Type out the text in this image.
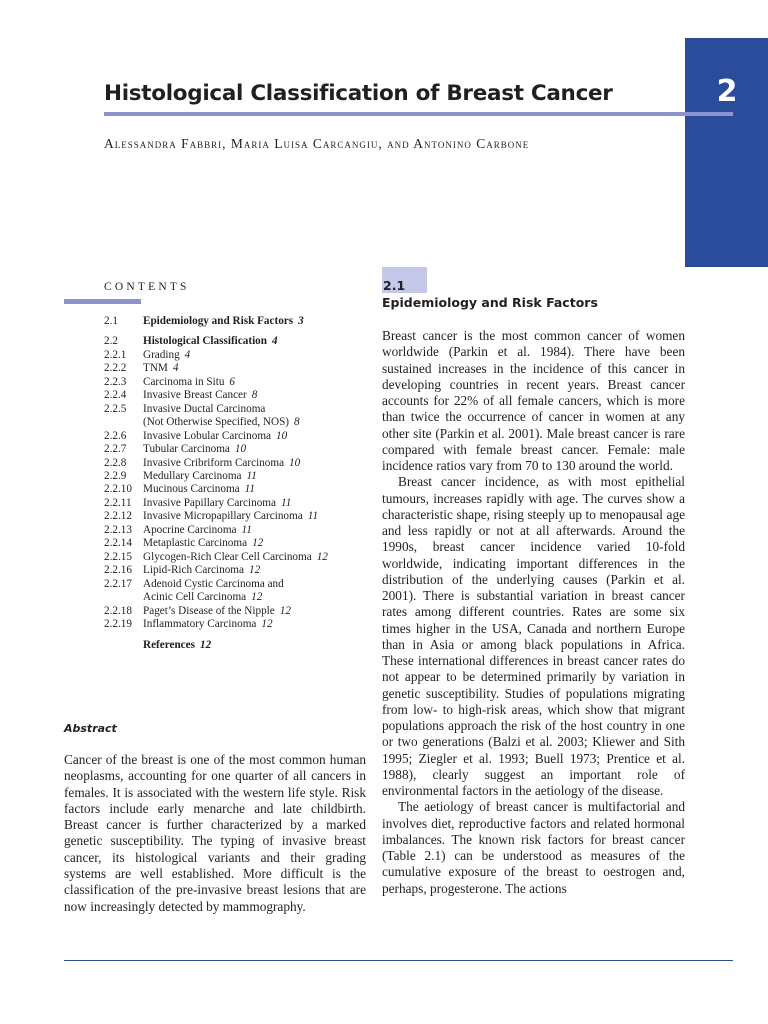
2
Histological Classification of Breast Cancer
Alessandra Fabbri, Maria Luisa Carcangiu, and Antonino Carbone
CONTENTS
2.1	Epidemiology and Risk Factors 3
2.2	Histological Classification 4
2.2.1	Grading 4
2.2.2	TNM 4
2.2.3	Carcinoma in Situ 6
2.2.4	Invasive Breast Cancer 8
2.2.5	Invasive Ductal Carcinoma
(Not Otherwise Specified, NOS) 8
2.2.6	Invasive Lobular Carcinoma 10
2.2.7	Tubular Carcinoma 10
2.2.8	Invasive Cribriform Carcinoma 10
2.2.9	Medullary Carcinoma 11
2.2.10 Mucinous Carcinoma 11
2.2.11	Invasive Papillary Carcinoma 11
2.2.12 Invasive Micropapillary Carcinoma 11
2.2.13 Apocrine Carcinoma 11
2.2.14 Metaplastic Carcinoma 12
2.2.15 Glycogen-Rich Clear Cell Carcinoma 12
2.2.16 Lipid-Rich Carcinoma 12
2.2.17 Adenoid Cystic Carcinoma and
Acinic Cell Carcinoma 12
2.2.18 Paget’s Disease of the Nipple 12
2.2.19 Inflammatory Carcinoma 12
References 12
Abstract

Cancer of the breast is one of the most common human neoplasms, accounting for one quarter of all cancers in females. It is associated with the western life style. Risk factors include early menarche and late childbirth. Breast cancer is further characterized by a marked genetic susceptibility. The typing of invasive breast cancer, its histological variants and their grading systems are well established. More difficult is the classification of the pre-invasive breast lesions that are now increasingly detected by mammography.

2.1
Epidemiology and Risk Factors

Breast cancer is the most common cancer of women worldwide (Parkin et al. 1984). There have been sustained increases in the incidence of this cancer in developing countries in recent years. Breast cancer accounts for 22% of all female cancers, which is more than twice the occurrence of cancer in women at any other site (Parkin et al. 2001). Male breast cancer is rare compared with female breast cancer. Female: male incidence ratios vary from 70 to 130 around the world.

Breast cancer incidence, as with most epithelial tumours, increases rapidly with age. The curves show a characteristic shape, rising steeply up to menopausal age and less rapidly or not at all afterwards. Around the 1990s, breast cancer incidence varied 10-fold worldwide, indicating important differences in the distribution of the underlying causes (Parkin et al. 2001). There is substantial variation in breast cancer rates among different countries. Rates are some six times higher in the USA, Canada and northern Europe than in Asia or among black populations in Africa. These international differences in breast cancer rates do not appear to be determined primarily by variation in genetic susceptibility. Studies of populations migrating from low- to high-risk areas, which show that migrant populations approach the risk of the host country in one or two generations (Balzi et al. 2003; Kliewer and Sith 1995; Ziegler et al. 1993; Buell 1973; Prentice et al. 1988), clearly suggest an important role of environmental factors in the aetiology of the disease.

The aetiology of breast cancer is multifactorial and involves diet, reproductive factors and related hormonal imbalances. The known risk factors for breast cancer (Table 2.1) can be understood as measures of the cumulative exposure of the breast to oestrogen and, perhaps, progesterone. The actions
